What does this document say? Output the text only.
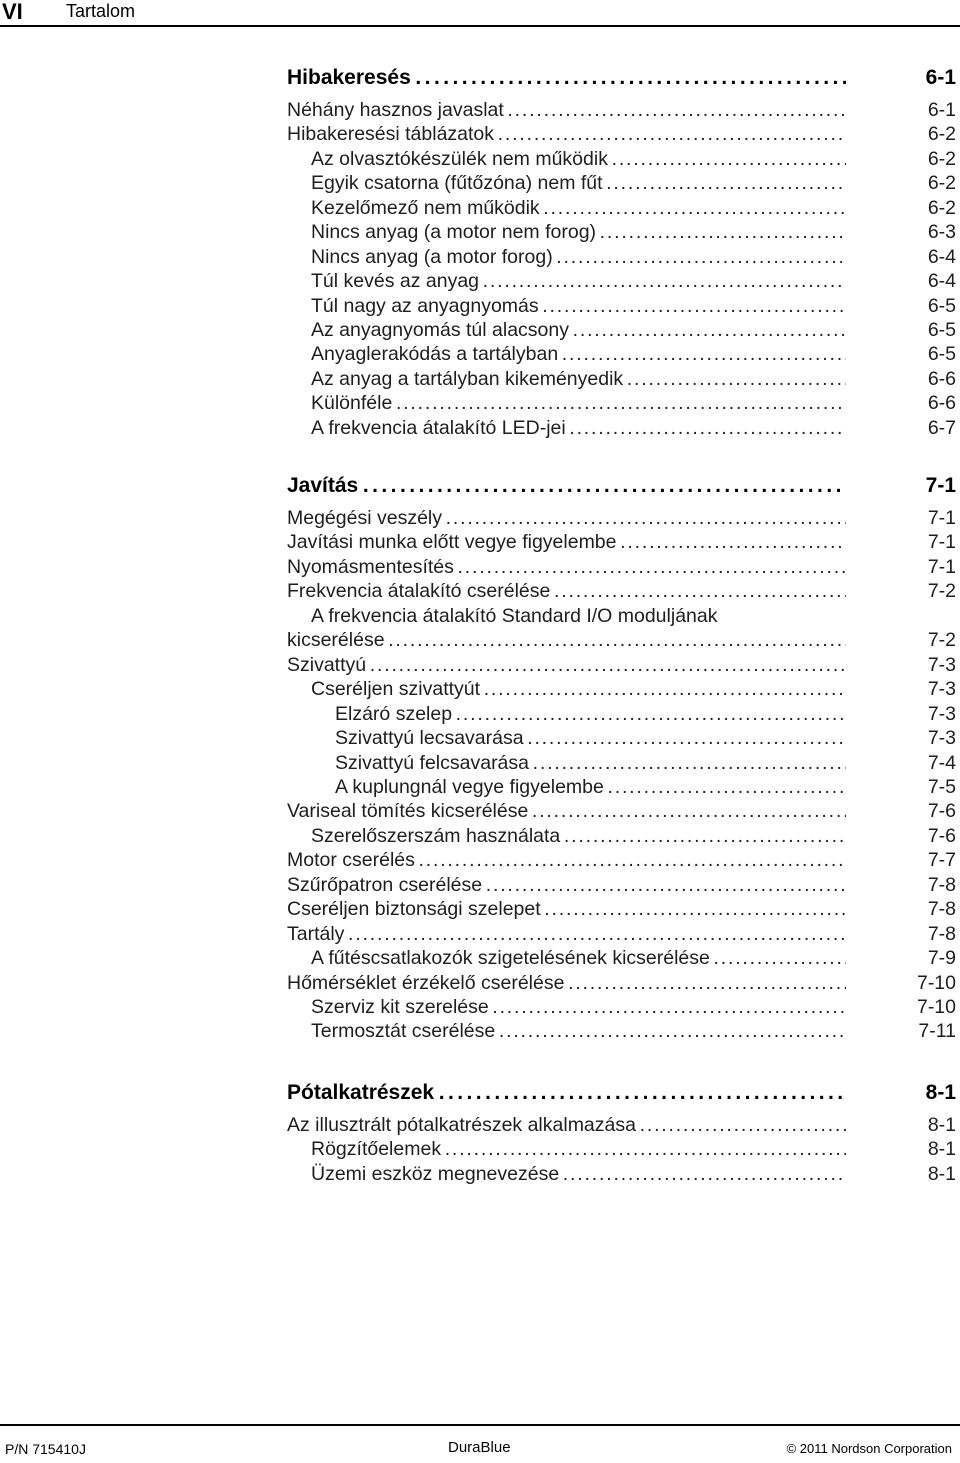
VI Tartalom
Hibakeresés . . .	6-1
Néhány hasznos javaslat . . .	6-1
Hibakeresési táblázatok . . .	6-2
Az olvasztókészülék nem működik . . .	6-2
Egyik csatorna (fűtőzóna) nem fűt . . .	6-2
Kezelőmező nem működik . . .	6-2
Nincs anyag (a motor nem forog) . . .	6-3
Nincs anyag (a motor forog) . . .	6-4
Túl kevés az anyag . . .	6-4
Túl nagy az anyagnyomás . . .	6-5
Az anyagnyomás túl alacsony . . .	6-5
Anyaglerakódás a tartályban . . .	6-5
Az anyag a tartályban kikeményedik . . .	6-6
Különféle . . .	6-6
A frekvencia átalakító LED-jei . . .	6-7
Javítás . . .	7-1
Megégési veszély . . .	7-1
Javítási munka előtt vegye figyelembe . . .	7-1
Nyomásmentesítés . . .	7-1
Frekvencia átalakító cserélése . . .	7-2
A frekvencia átalakító Standard I/O moduljának
kicserélése . . .	7-2
Szivattyú . . .	7-3
Cseréljen szivattyút . . .	7-3
Elzáró szelep . . .	7-3
Szivattyú lecsavarása . . .	7-3
Szivattyú felcsavarása . . .	7-4
A kuplungnál vegye figyelembe . . .	7-5
Variseal tömítés kicserélése . . .	7-6
Szerelőszerszám használata . . .	7-6
Motor cserélés . . .	7-7
Szűrőpatron cserélése . . .	7-8
Cseréljen biztonsági szelepet . . .	7-8
Tartály . . .	7-8
A fűtéscsatlakozók szigetelésének kicserélése . . .	7-9
Hőmérséklet érzékelő cserélése . . .	7-10
Szerviz kit szerelése . . .	7-10
Termosztát cserélése . . .	7-11
Pótalkatrészek . . .	8-1
Az illusztrált pótalkatrészek alkalmazása . . .	8-1
Rögzítőelemek . . .	8-1
Üzemi eszköz megnevezése . . .	8-1
P/N 715410J	DuraBlue	© 2011 Nordson Corporation
